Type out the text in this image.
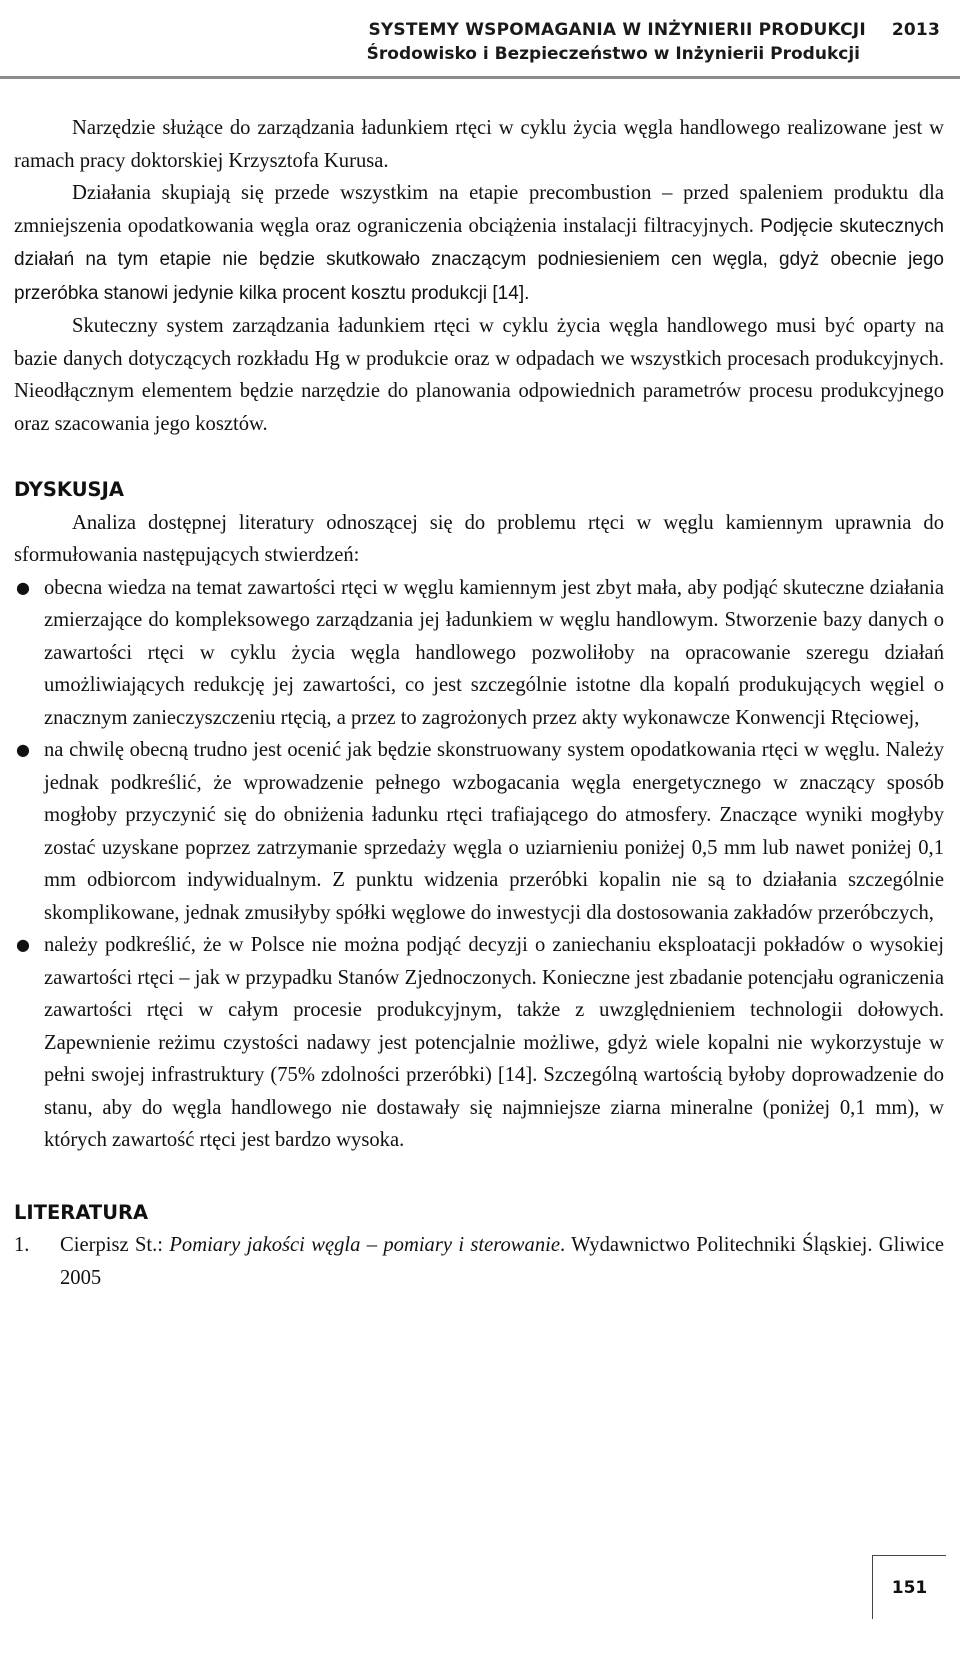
SYSTEMY WSPOMAGANIA W INŻYNIERII PRODUKCJI 2013
Środowisko i Bezpieczeństwo w Inżynierii Produkcji

Narzędzie służące do zarządzania ładunkiem rtęci w cyklu życia węgla handlowego realizowane jest w ramach pracy doktorskiej Krzysztofa Kurusa.

Działania skupiają się przede wszystkim na etapie precombustion – przed spaleniem produktu dla zmniejszenia opodatkowania węgla oraz ograniczenia obciążenia instalacji filtracyjnych. Podjęcie skutecznych działań na tym etapie nie będzie skutkowało znaczącym podniesieniem cen węgla, gdyż obecnie jego przeróbka stanowi jedynie kilka procent kosztu produkcji [14].

Skuteczny system zarządzania ładunkiem rtęci w cyklu życia węgla handlowego musi być oparty na bazie danych dotyczących rozkładu Hg w produkcie oraz w odpadach we wszystkich procesach produkcyjnych. Nieodłącznym elementem będzie narzędzie do planowania odpowiednich parametrów procesu produkcyjnego oraz szacowania jego kosztów.

DYSKUSJA

Analiza dostępnej literatury odnoszącej się do problemu rtęci w węglu kamiennym uprawnia do sformułowania następujących stwierdzeń:

● obecna wiedza na temat zawartości rtęci w węglu kamiennym jest zbyt mała, aby podjąć skuteczne działania zmierzające do kompleksowego zarządzania jej ładunkiem w węglu handlowym. Stworzenie bazy danych o zawartości rtęci w cyklu życia węgla handlowego pozwoliłoby na opracowanie szeregu działań umożliwiających redukcję jej zawartości, co jest szczególnie istotne dla kopalń produkujących węgiel o znacznym zanieczyszczeniu rtęcią, a przez to zagrożonych przez akty wykonawcze Konwencji Rtęciowej,
● na chwilę obecną trudno jest ocenić jak będzie skonstruowany system opodatkowania rtęci w węglu. Należy jednak podkreślić, że wprowadzenie pełnego wzbogacania węgla energetycznego w znaczący sposób mogłoby przyczynić się do obniżenia ładunku rtęci trafiającego do atmosfery. Znaczące wyniki mogłyby zostać uzyskane poprzez zatrzymanie sprzedaży węgla o uziarnieniu poniżej 0,5 mm lub nawet poniżej 0,1 mm odbiorcom indywidualnym. Z punktu widzenia przeróbki kopalin nie są to działania szczególnie skomplikowane, jednak zmusiłyby spółki węglowe do inwestycji dla dostosowania zakładów przeróbczych,
● należy podkreślić, że w Polsce nie można podjąć decyzji o zaniechaniu eksploatacji pokładów o wysokiej zawartości rtęci – jak w przypadku Stanów Zjednoczonych. Konieczne jest zbadanie potencjału ograniczenia zawartości rtęci w całym procesie produkcyjnym, także z uwzględnieniem technologii dołowych. Zapewnienie reżimu czystości nadawy jest potencjalnie możliwe, gdyż wiele kopalni nie wykorzystuje w pełni swojej infrastruktury (75% zdolności przeróbki) [14]. Szczególną wartością byłoby doprowadzenie do stanu, aby do węgla handlowego nie dostawały się najmniejsze ziarna mineralne (poniżej 0,1 mm), w których zawartość rtęci jest bardzo wysoka.
LITERATURA
1. Cierpisz St.: Pomiary jakości węgla – pomiary i sterowanie. Wydawnictwo Politechniki Śląskiej. Gliwice 2005
151
